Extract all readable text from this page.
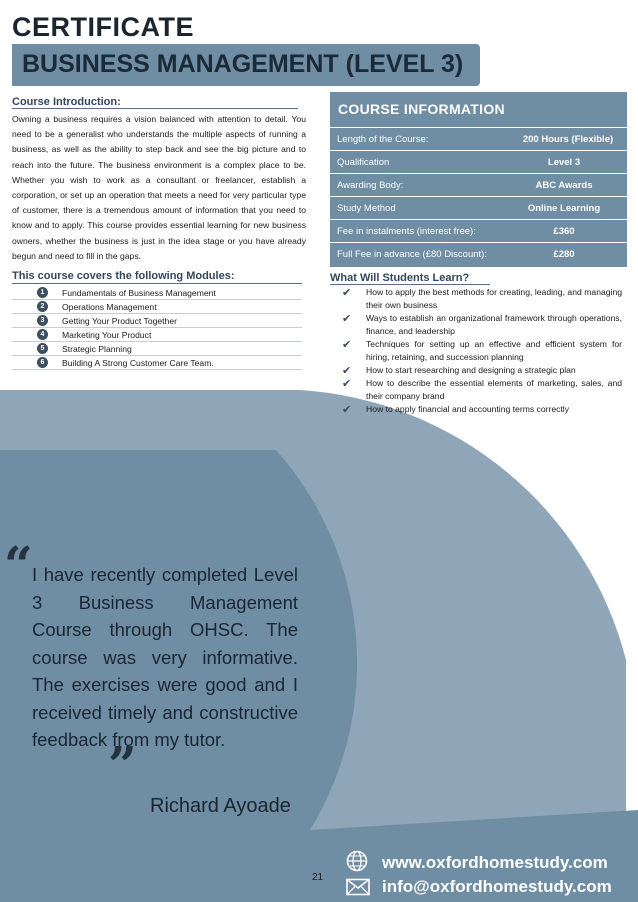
CERTIFICATE
BUSINESS MANAGEMENT (LEVEL 3)
Course Introduction:
Owning a business requires a vision balanced with attention to detail. You need to be a generalist who understands the multiple aspects of running a business, as well as the ability to step back and see the big picture and to reach into the future. The business environment is a complex place to be. Whether you wish to work as a consultant or freelancer, establish a corporation, or set up an operation that meets a need for very particular type of customer, there is a tremendous amount of information that you need to know and to apply. This course provides essential learning for new business owners, whether the business is just in the idea stage or you have already begun and need to fill in the gaps.
This course covers the following Modules:
1	Fundamentals of Business Management
2	Operations Management
3	Getting Your Product Together
4	Marketing Your Product
5	Strategic Planning
6	Building A Strong Customer Care Team.
COURSE INFORMATION
Length of the Course:	200 Hours (Flexible)
Qualification	Level 3
Awarding Body:	ABC Awards
Study Method	Online Learning
Fee in instalments (interest free):	£360
Full Fee in advance (£80 Discount):	£280
What Will Students Learn?
✔ How to apply the best methods for creating, leading, and managing their own business
✔ Ways to establish an organizational framework through operations, finance, and leadership
✔ Techniques for setting up an effective and efficient system for hiring, retaining, and succession planning
✔ How to start researching and designing a strategic plan
✔ How to describe the essential elements of marketing, sales, and their company brand
✔ How to apply financial and accounting terms correctly
“ I have recently completed Level 3 Business Management Course through OHSC. The course was very informative. The exercises were good and I received timely and constructive feedback from my tutor.
”
Richard Ayoade
21
www.oxfordhomestudy.com
info@oxfordhomestudy.com
